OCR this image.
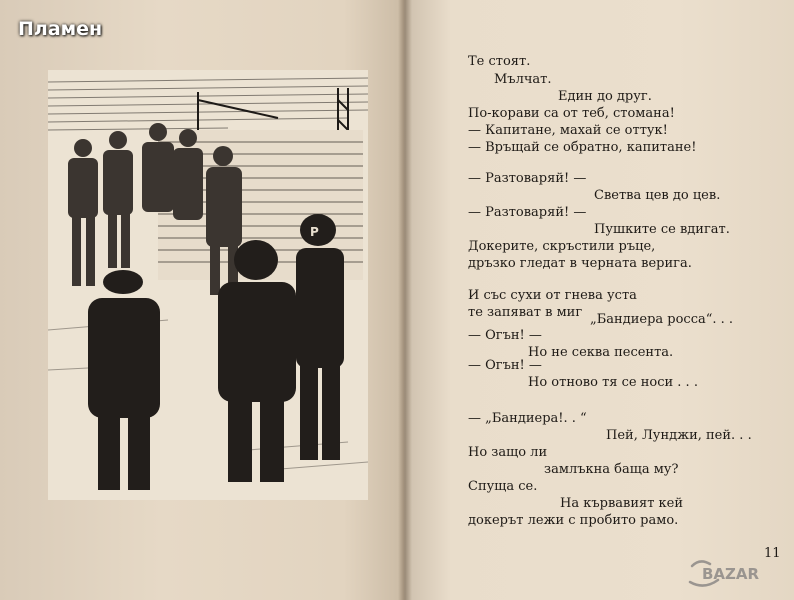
Р
Те стоят.
Мълчат.
Един до друг.
По-корави са от теб, стомана!
— Капитане, махай се оттук!
— Връщай се обратно, капитане!
— Разтоваряй! —
Светва цев до цев.
— Разтоваряй! —
Пушките се вдигат.
Докерите, скръстили ръце,
дръзко гледат в черната верига.
И със сухи от гнева уста
те запяват в миг „Бандиера росса“. . .
— Огън! —
Но не секва песента.
— Огън! —
Но отново тя се носи . . .
— „Бандиера!. . “
Пей, Лунджи, пей. . .
Но защо ли
замлъкна баща му?
Спуща се.
На кървавият кей
докерът лежи с пробито рамо.
11
Пламен
BAZAR
